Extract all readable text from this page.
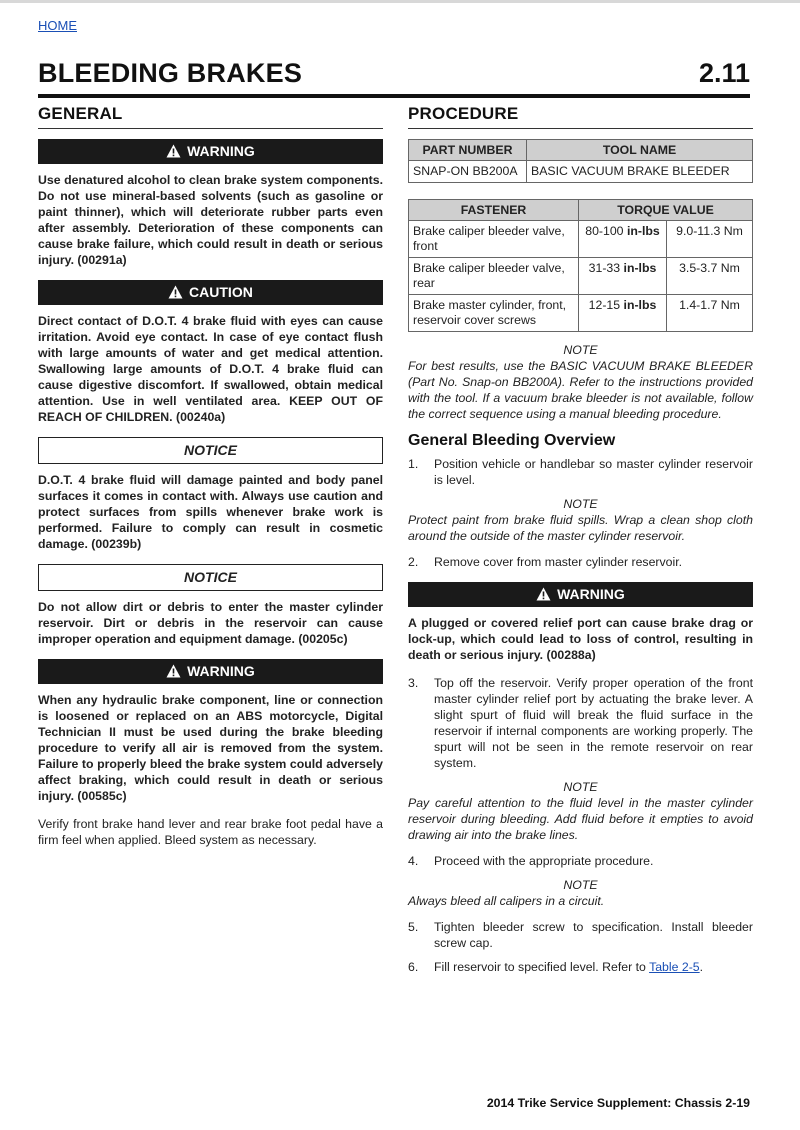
HOME
BLEEDING BRAKES	2.11
GENERAL
WARNING

Use denatured alcohol to clean brake system components. Do not use mineral-based solvents (such as gasoline or paint thinner), which will deteriorate rubber parts even after assembly. Deterioration of these components can cause brake failure, which could result in death or serious injury. (00291a)

CAUTION

Direct contact of D.O.T. 4 brake fluid with eyes can cause irritation. Avoid eye contact. In case of eye contact flush with large amounts of water and get medical attention. Swallowing large amounts of D.O.T. 4 brake fluid can cause digestive discomfort. If swallowed, obtain medical attention. Use in well ventilated area. KEEP OUT OF REACH OF CHILDREN. (00240a)

NOTICE

D.O.T. 4 brake fluid will damage painted and body panel surfaces it comes in contact with. Always use caution and protect surfaces from spills whenever brake work is performed. Failure to comply can result in cosmetic damage. (00239b)

NOTICE

Do not allow dirt or debris to enter the master cylinder reservoir. Dirt or debris in the reservoir can cause improper operation and equipment damage. (00205c)

WARNING

When any hydraulic brake component, line or connection is loosened or replaced on an ABS motorcycle, Digital Technician II must be used during the brake bleeding procedure to verify all air is removed from the system. Failure to properly bleed the brake system could adversely affect braking, which could result in death or serious injury. (00585c)

Verify front brake hand lever and rear brake foot pedal have a firm feel when applied. Bleed system as necessary.

PROCEDURE
PART NUMBER	TOOL NAME
SNAP-ON BB200A	BASIC VACUUM BRAKE BLEEDER
FASTENER	TORQUE VALUE	
Brake caliper bleeder valve, front	80-100 in-lbs	9.0-11.3 Nm
Brake caliper bleeder valve, rear	31-33 in-lbs	3.5-3.7 Nm
Brake master cylinder, front, reservoir cover screws	12-15 in-lbs	1.4-1.7 Nm

NOTE

For best results, use the BASIC VACUUM BRAKE BLEEDER (Part No. Snap-on BB200A). Refer to the instructions provided with the tool. If a vacuum brake bleeder is not available, follow the correct sequence using a manual bleeding procedure.

General Bleeding Overview
1. Position vehicle or handlebar so master cylinder reservoir is level.

NOTE

Protect paint from brake fluid spills. Wrap a clean shop cloth around the outside of the master cylinder reservoir.

2. Remove cover from master cylinder reservoir.
WARNING

A plugged or covered relief port can cause brake drag or lock-up, which could lead to loss of control, resulting in death or serious injury. (00288a)

3. Top off the reservoir. Verify proper operation of the front master cylinder relief port by actuating the brake lever. A slight spurt of fluid will break the fluid surface in the reservoir if internal components are working properly. The spurt will not be seen in the remote reservoir on rear system.

NOTE

Pay careful attention to the fluid level in the master cylinder reservoir during bleeding. Add fluid before it empties to avoid drawing air into the brake lines.

4. Proceed with the appropriate procedure.

NOTE

Always bleed all calipers in a circuit.

5. Tighten bleeder screw to specification. Install bleeder screw cap.
6. Fill reservoir to specified level. Refer to Table 2-5.
2014 Trike Service Supplement: Chassis 2-19
